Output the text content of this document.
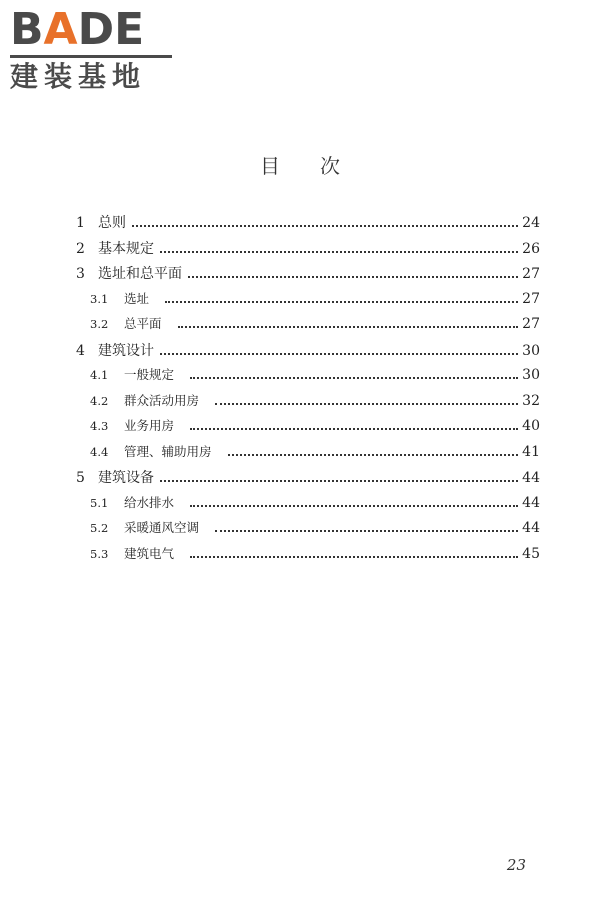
BADE
建装基地
目　　次
1 总则	24
2 基本规定	26
3 选址和总平面	27
3.1	选址	27
3.2	总平面	27
4 建筑设计	30
4.1	一般规定	30
4.2	群众活动用房	32
4.3	业务用房	40
4.4	管理、辅助用房	41
5 建筑设备	44
5.1	给水排水	44
5.2	采暖通风空调	44
5.3	建筑电气	45
23
